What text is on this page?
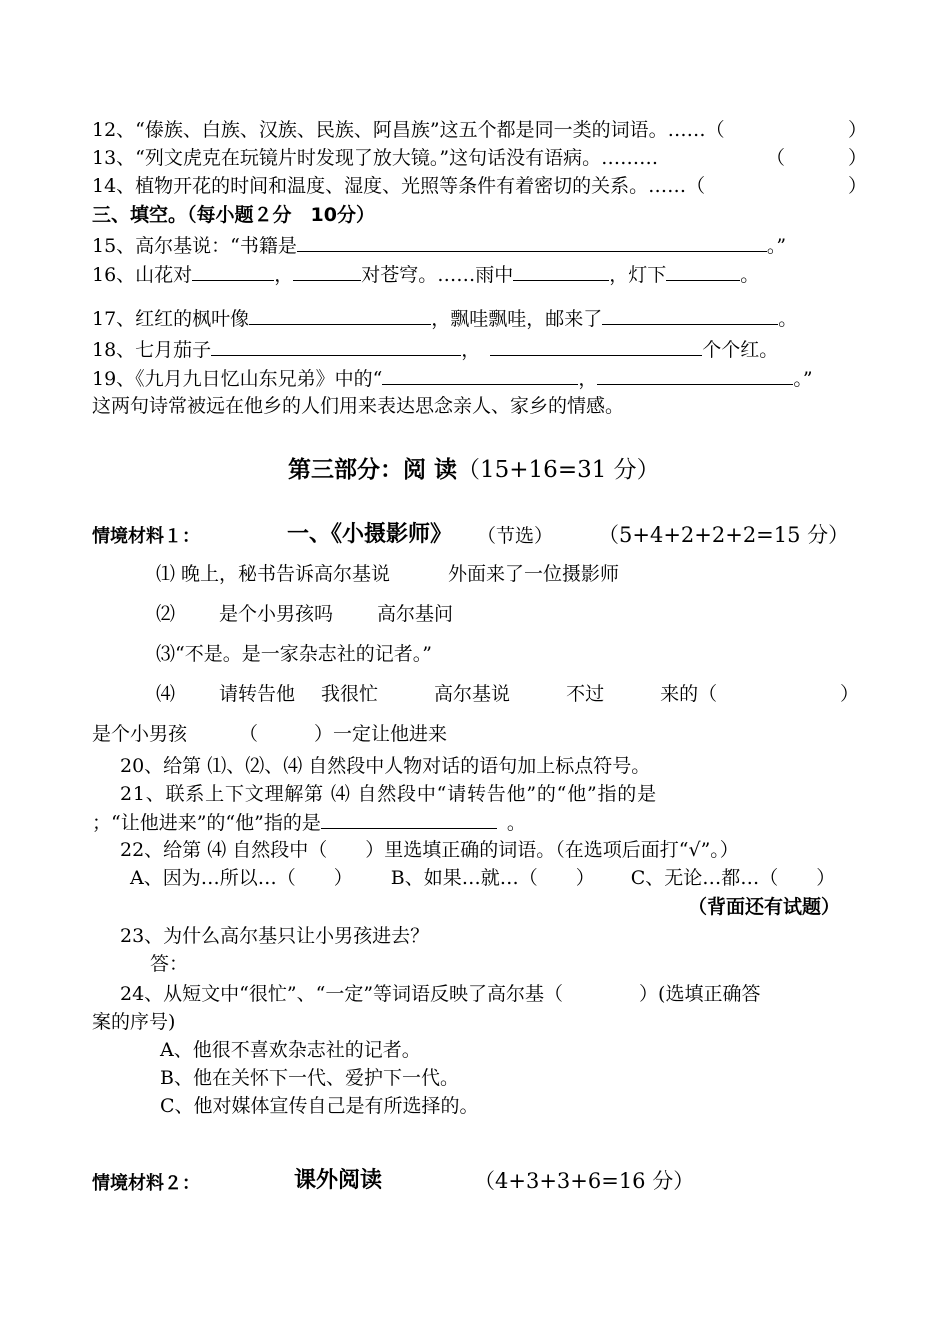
12、“傣族、白族、汉族、民族、阿昌族”这五个都是同一类的词语。……（	）
13、“列文虎克在玩镜片时发现了放大镜。”这句话没有语病。………	（	）
14、植物开花的时间和温度、湿度、光照等条件有着密切的关系。……（	）
三、填空。（每小题２分　10分）
15、高尔基说：“书籍是	。”
16、山花对	，	对苍穹。……雨中	，灯下	。
17、红红的枫叶像	，飘哇飘哇，邮来了	。
18、七月茄子	，	个个红。
19、《九月九日忆山东兄弟》中的“	，	。”
这两句诗常被远在他乡的人们用来表达思念亲人、家乡的情感。
第三部分：阅 读（15+16=31 分）
情境材料１：	一、《小摄影师》 （节选） （5+4+2+2+2=15 分）
⑴ 晚上，秘书告诉高尔基说	外面来了一位摄影师
⑵ 是个小男孩吗 高尔基问
⑶“不是。是一家杂志社的记者。”
⑷ 请转告他 我很忙	高尔基说	不过	来的（	）
是个小男孩	（	）一定让他进来
20、给第 ⑴、⑵、⑷ 自然段中人物对话的语句加上标点符号。
21、联系上下文理解第 ⑷ 自然段中“请转告他”的“他”指的是
；“让他进来”的“他”指的是	。
22、给第 ⑷ 自然段中（　　）里选填正确的词语。（在选项后面打“√”。）
A、因为…所以…（　　） B、如果…就…（　　） C、无论…都…（　　）
（背面还有试题）
23、为什么高尔基只让小男孩进去？
答：
24、从短文中“很忙”、“一定”等词语反映了高尔基（　　　　）(选填正确答
案的序号)
A、他很不喜欢杂志社的记者。
B、他在关怀下一代、爱护下一代。
C、他对媒体宣传自己是有所选择的。
情境材料２：	课外阅读	（4+3+3+6=16 分）
